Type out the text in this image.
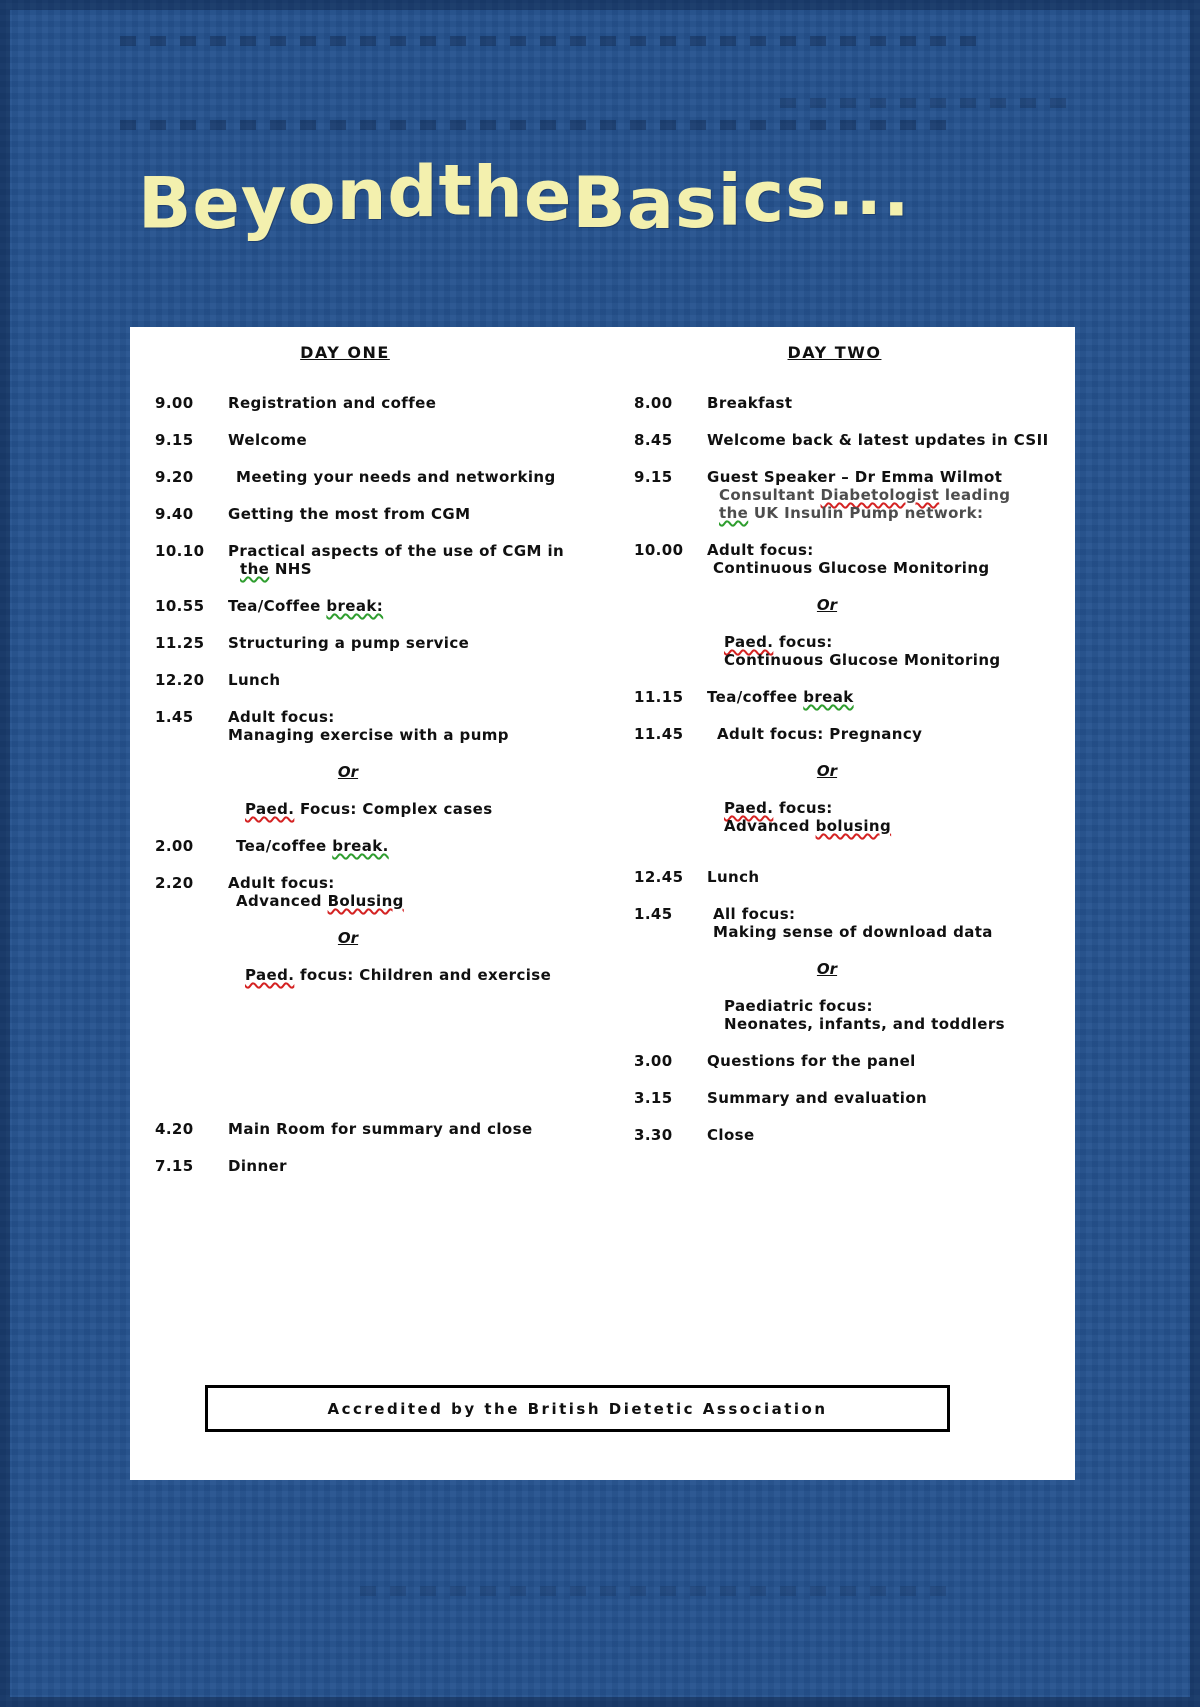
BeyondtheBasics...
DAY ONE
9.00	Registration and coffee
9.15	Welcome
9.20	Meeting your needs and networking
9.40	Getting the most from CGM
10.10	Practical aspects of the use of CGM in
the NHS
10.55	Tea/Coffee break:
11.25	Structuring a pump service
12.20	Lunch
1.45	Adult focus:
Managing exercise with a pump
Or
Paed. Focus: Complex cases
2.00	Tea/coffee break.
2.20	Adult focus:
Advanced Bolusing
Or
Paed. focus: Children and exercise
4.20	Main Room for summary and close
7.15	Dinner
DAY TWO
8.00	Breakfast
8.45	Welcome back & latest updates in CSII
9.15	Guest Speaker – Dr Emma Wilmot
Consultant Diabetologist leading
the UK Insulin Pump network:
10.00	Adult focus:
Continuous Glucose Monitoring
Or
Paed. focus:
Continuous Glucose Monitoring
11.15	Tea/coffee break
11.45	Adult focus: Pregnancy
Or
Paed. focus:
Advanced bolusing
12.45	Lunch
1.45	All focus:
Making sense of download data
Or
Paediatric focus:
Neonates, infants, and toddlers
3.00	Questions for the panel
3.15	Summary and evaluation
3.30	Close
Accredited by the British Dietetic Association
